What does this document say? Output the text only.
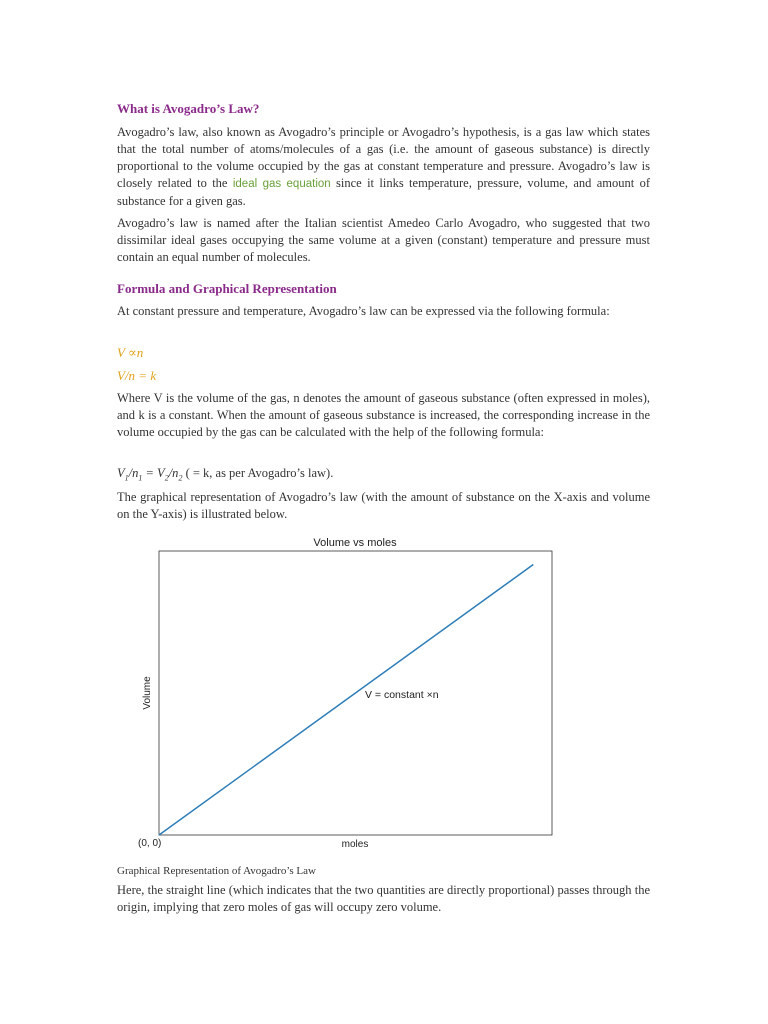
What is Avogadro’s Law?

Avogadro’s law, also known as Avogadro’s principle or Avogadro’s hypothesis, is a gas law which states that the total number of atoms/molecules of a gas (i.e. the amount of gaseous substance) is directly proportional to the volume occupied by the gas at constant temperature and pressure. Avogadro’s law is closely related to the ideal gas equation since it links temperature, pressure, volume, and amount of substance for a given gas.

Avogadro’s law is named after the Italian scientist Amedeo Carlo Avogadro, who suggested that two dissimilar ideal gases occupying the same volume at a given (constant) temperature and pressure must contain an equal number of molecules.

Formula and Graphical Representation

At constant pressure and temperature, Avogadro’s law can be expressed via the following formula:

V ∝n

V/n = k

Where V is the volume of the gas, n denotes the amount of gaseous substance (often expressed in moles), and k is a constant. When the amount of gaseous substance is increased, the corresponding increase in the volume occupied by the gas can be calculated with the help of the following formula:

$V_1/n_1 = V_2/n_2$ ( = k, as per Avogadro’s law).

The graphical representation of Avogadro’s law (with the amount of substance on the X-axis and volume on the Y-axis) is illustrated below.

Volume vs moles
moles
Volume
(0, 0)
V = constant ×n

Graphical Representation of Avogadro’s Law

Here, the straight line (which indicates that the two quantities are directly proportional) passes through the origin, implying that zero moles of gas will occupy zero volume.
